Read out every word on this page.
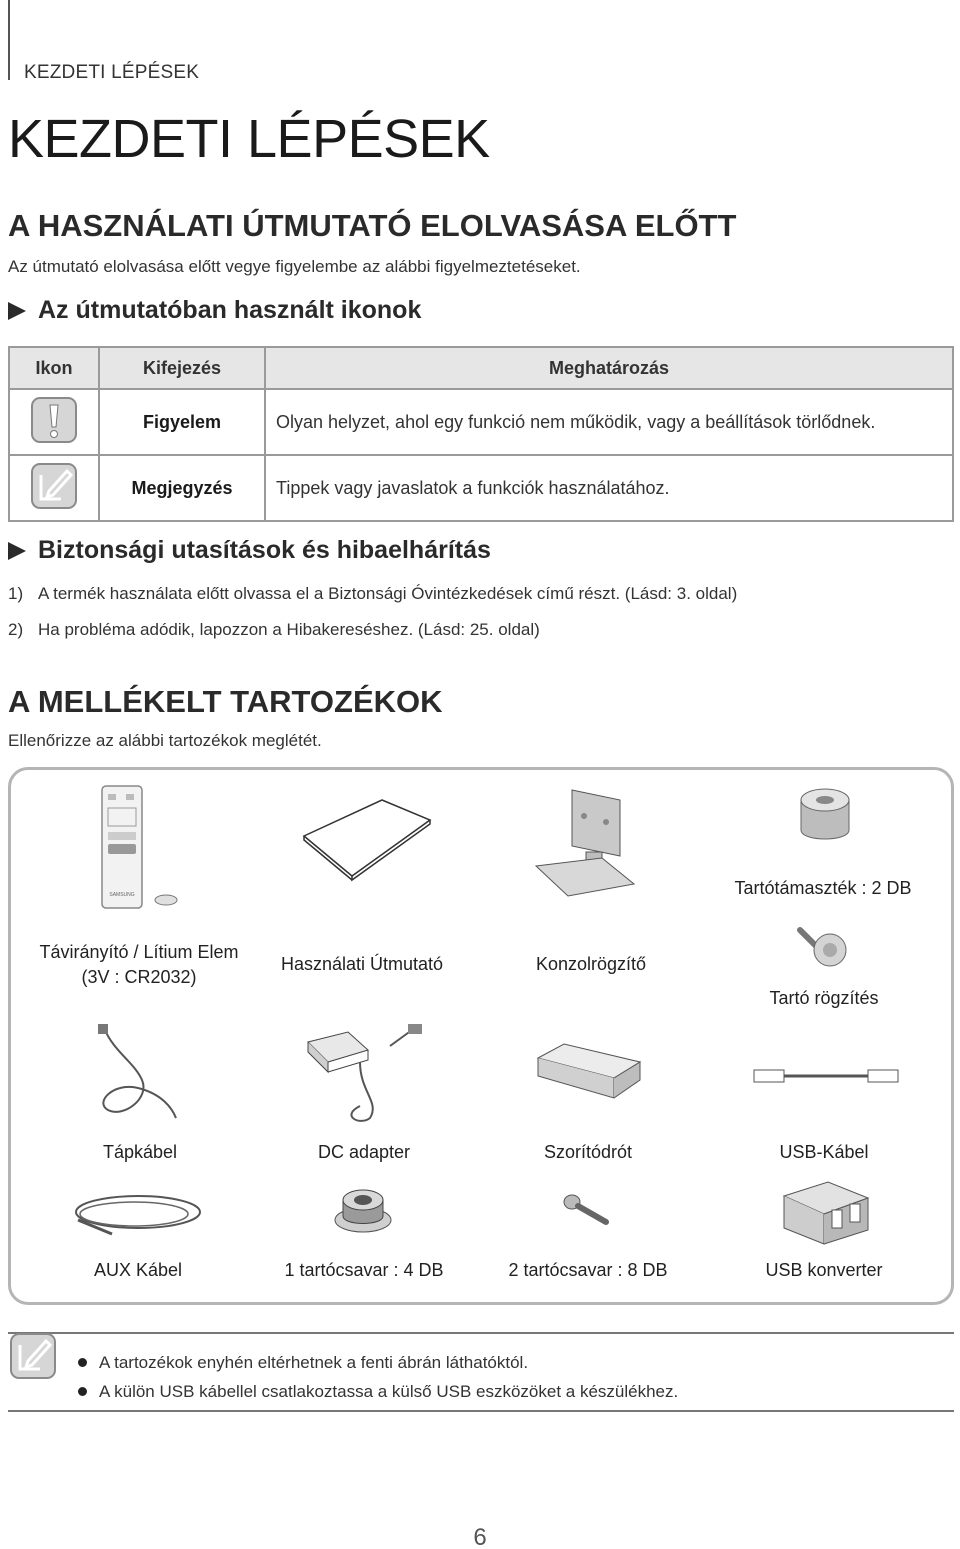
KEZDETI LÉPÉSEK
KEZDETI LÉPÉSEK
A HASZNÁLATI ÚTMUTATÓ ELOLVASÁSA ELŐTT
Az útmutató elolvasása előtt vegye figyelembe az alábbi figyelmeztetéseket.
Az útmutatóban használt ikonok
Ikon	Kifejezés	Meghatározás
	Figyelem	Olyan helyzet, ahol egy funkció nem működik, vagy a beállítások törlődnek.
	Megjegyzés	Tippek vagy javaslatok a funkciók használatához.
Biztonsági utasítások és hibaelhárítás
1) A termék használata előtt olvassa el a Biztonsági Óvintézkedések című részt. (Lásd: 3. oldal)
2) Ha probléma adódik, lapozzon a Hibakereséshez. (Lásd: 25. oldal)
A MELLÉKELT TARTOZÉKOK
Ellenőrizze az alábbi tartozékok meglétét.
SAMSUNG	Tartótámaszték : 2 DB
Távirányító / Lítium Elem (3V : CR2032)
Használati Útmutató	Konzolrögzítő
Tartó rögzítés
Tápkábel	DC adapter	Szorítódrót	USB-Kábel
AUX Kábel	1 tartócsavar : 4 DB	2 tartócsavar : 8 DB	USB konverter
A tartozékok enyhén eltérhetnek a fenti ábrán láthatóktól.
A külön USB kábellel csatlakoztassa a külső USB eszközöket a készülékhez.
6
